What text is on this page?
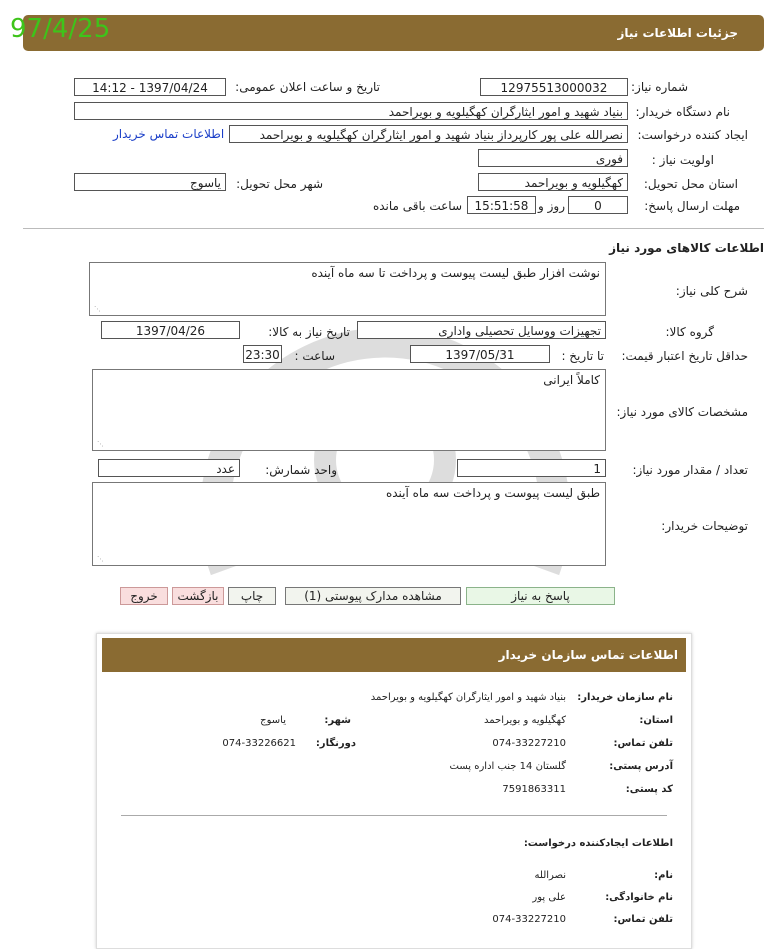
جزئیات اطلاعات نیاز
97/4/25
شماره نیاز:
12975513000032
تاریخ و ساعت اعلان عمومی:
1397/04/24 - 14:12
نام دستگاه خریدار:
بنیاد شهید و امور ایثارگران کهگیلویه و بویراحمد
ایجاد کننده درخواست:
نصرالله علی پور کارپرداز بنیاد شهید و امور ایثارگران کهگیلویه و بویراحمد
اطلاعات تماس خریدار
اولویت نیاز :
فوری
استان محل تحویل:
کهگیلویه و بویراحمد
شهر محل تحویل:
یاسوج
مهلت ارسال پاسخ:
0
روز و
15:51:58
ساعت باقی مانده
اطلاعات کالاهای مورد نیاز
شرح کلی نیاز:
نوشت افزار طبق لیست پیوست و پرداخت تا سه ماه آینده
⋰
گروه کالا:
تجهیزات ووسایل تحصیلی واداری
تاریخ نیاز به کالا:
1397/04/26
حداقل تاریخ اعتبار قیمت:
تا تاریخ :
1397/05/31
ساعت :
23:30
مشخصات کالای مورد نیاز:
کاملاً ایرانی
⋰
تعداد / مقدار مورد نیاز:
1
واحد شمارش:
عدد
توضیحات خریدار:
طبق لیست پیوست و پرداخت سه ماه آینده
⋰
پاسخ به نیاز
مشاهده مدارک پیوستی (1)
چاپ
بازگشت
خروج
اطلاعات تماس سازمان خریدار
نام سازمان خریدار:
بنیاد شهید و امور ایثارگران کهگیلویه و بویراحمد
استان:
کهگیلویه و بویراحمد
شهر:
یاسوج
تلفن تماس:
074-33227210
دورنگار:
074-33226621
آدرس پستی:
گلستان 14 جنب اداره پست
کد پستی:
7591863311
اطلاعات ایجادکننده درخواست:
نام:
نصرالله
نام خانوادگی:
علی پور
تلفن تماس:
074-33227210
